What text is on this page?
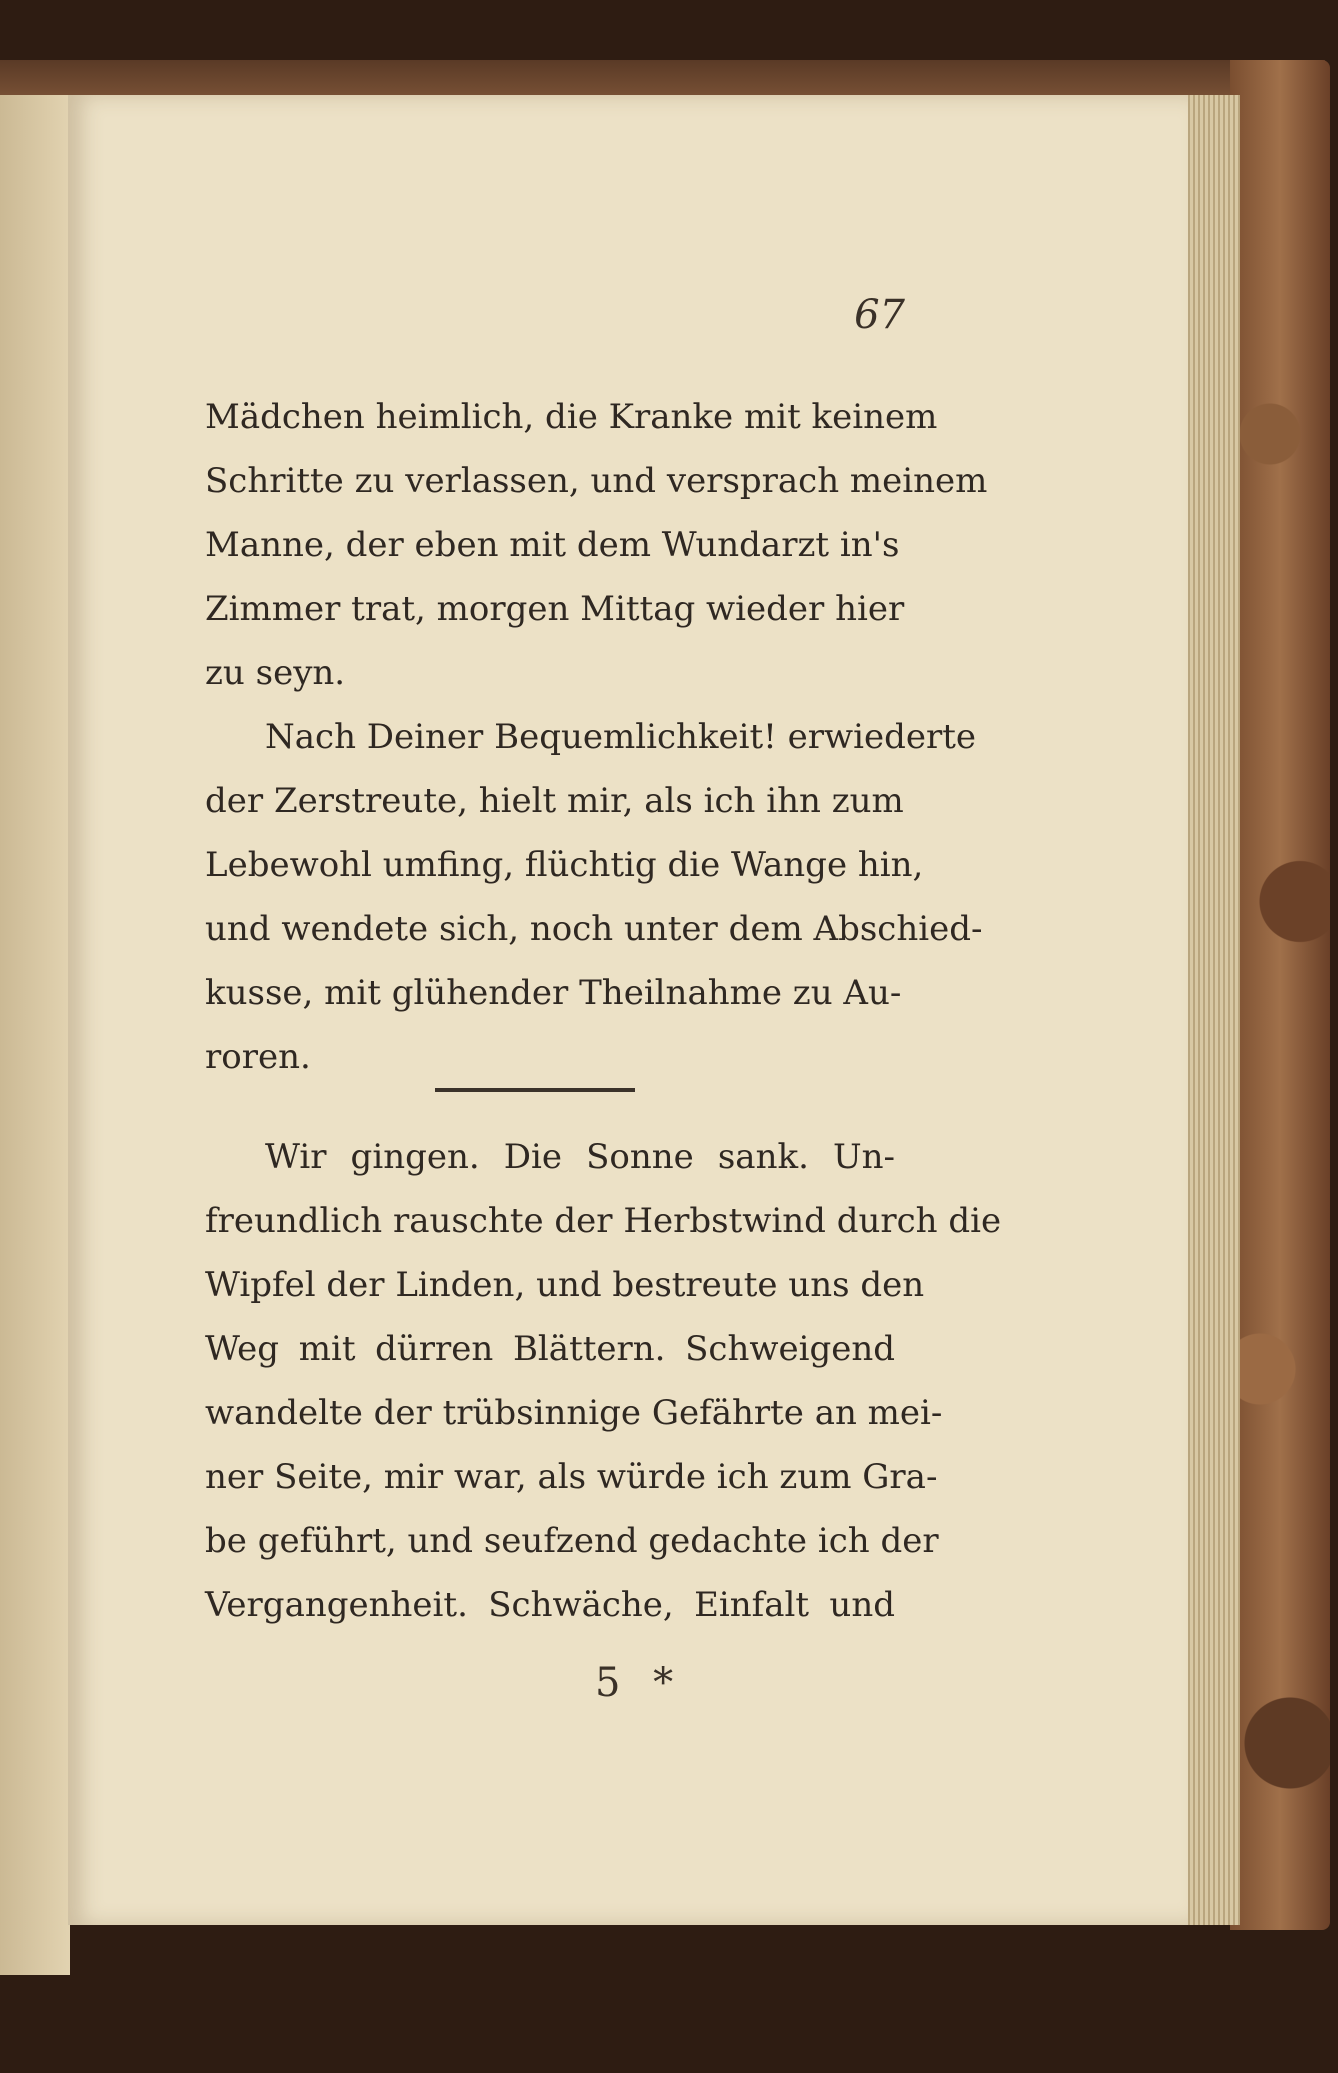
67
Mädchen heimlich, die Kranke mit keinem
Schritte zu verlassen, und versprach meinem
Manne, der eben mit dem Wundarzt in's
Zimmer trat, morgen Mittag wieder hier
zu seyn.
Nach Deiner Bequemlichkeit! erwiederte
der Zerstreute, hielt mir, als ich ihn zum
Lebewohl umfing, flüchtig die Wange hin,
und wendete sich, noch unter dem Abschied-
kusse, mit glühender Theilnahme zu Au-
roren.
Wir gingen. Die Sonne sank. Un-
freundlich rauschte der Herbstwind durch die
Wipfel der Linden, und bestreute uns den
Weg mit dürren Blättern. Schweigend
wandelte der trübsinnige Gefährte an mei-
ner Seite, mir war, als würde ich zum Gra-
be geführt, und seufzend gedachte ich der
Vergangenheit. Schwäche, Einfalt und
5 *
